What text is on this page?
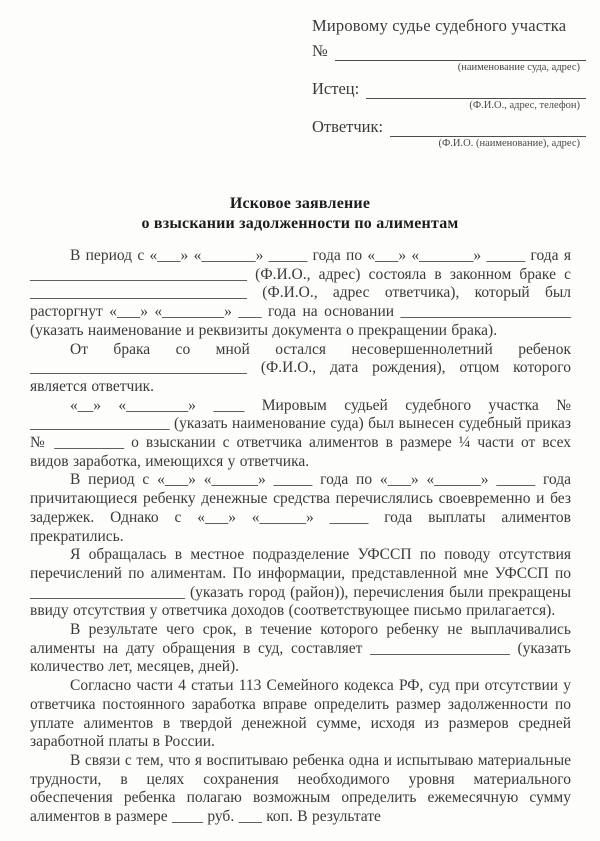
Мировому судье судебного участка
№
(наименование суда, адрес)
Истец:
(Ф.И.О., адрес, телефон)
Ответчик:
(Ф.И.О. (наименование), адрес)
Исковое заявление
о взыскании задолженности по алиментам

В период с «___» «_______» _____ года по «___» «_______» _____ года я ____________________________ (Ф.И.О., адрес) состояла в законном браке с ____________________________ (Ф.И.О., адрес ответчика), который был расторгнут «___» «________» ___ года на основании ______________________ (указать наименование и реквизиты документа о прекращении брака).

От брака со мной остался несовершеннолетний ребенок ____________________________ (Ф.И.О., дата рождения), отцом которого является ответчик.

«__» «________» ____ Мировым судьей судебного участка № __________________ (указать наименование суда) был вынесен судебный приказ № _________ о взыскании с ответчика алиментов в размере ¼ части от всех видов заработка, имеющихся у ответчика.

В период с «___» «______» _____ года по «___» «______» _____ года причитающиеся ребенку денежные средства перечислялись своевременно и без задержек. Однако с «___» «______» _____ года выплаты алиментов прекратились.

Я обращалась в местное подразделение УФССП по поводу отсутствия перечислений по алиментам. По информации, представленной мне УФССП по ____________________ (указать город (район)), перечисления были прекращены ввиду отсутствия у ответчика доходов (соответствующее письмо прилагается).

В результате чего срок, в течение которого ребенку не выплачивались алименты на дату обращения в суд, составляет __________________ (указать количество лет, месяцев, дней).

Согласно части 4 статьи 113 Семейного кодекса РФ, суд при отсутствии у ответчика постоянного заработка вправе определить размер задолженности по уплате алиментов в твердой денежной сумме, исходя из размеров средней заработной платы в России.

В связи с тем, что я воспитываю ребенка одна и испытываю материальные трудности, в целях сохранения необходимого уровня материального обеспечения ребенка полагаю возможным определить ежемесячную сумму алиментов в размере ____ руб. ___ коп. В результате
